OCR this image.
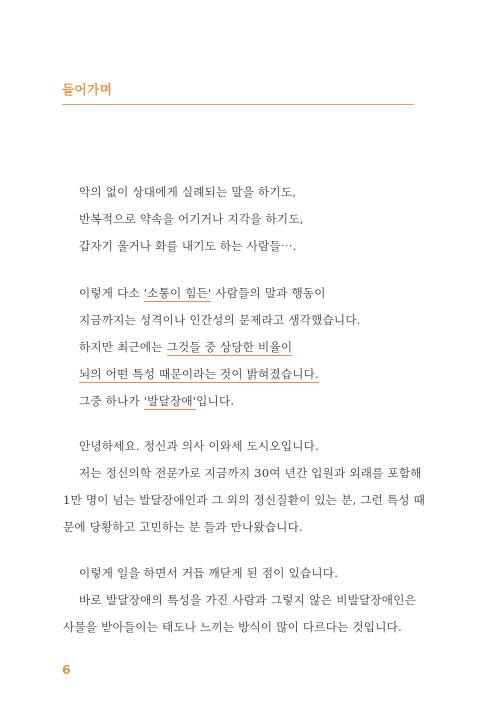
들어가며
악의 없이 상대에게 실례되는 말을 하기도,
반복적으로 약속을 어기거나 지각을 하기도,
갑자기 울거나 화를 내기도 하는 사람들⋯.
이렇게 다소 '소통이 힘든' 사람들의 말과 행동이
지금까지는 성격이나 인간성의 문제라고 생각했습니다.
하지만 최근에는 그것들 중 상당한 비율이
뇌의 어떤 특성 때문이라는 것이 밝혀졌습니다.
그중 하나가 '발달장애'입니다.
안녕하세요. 정신과 의사 이와세 도시오입니다.
저는 정신의학 전문가로 지금까지 30여 년간 입원과 외래를 포함해
1만 명이 넘는 발달장애인과 그 외의 정신질환이 있는 분, 그런 특성 때
문에 당황하고 고민하는 분 들과 만나왔습니다.
이렇게 일을 하면서 거듭 깨닫게 된 점이 있습니다.
바로 발달장애의 특성을 가진 사람과 그렇지 않은 비발달장애인은
사물을 받아들이는 태도나 느끼는 방식이 많이 다르다는 것입니다.
6
